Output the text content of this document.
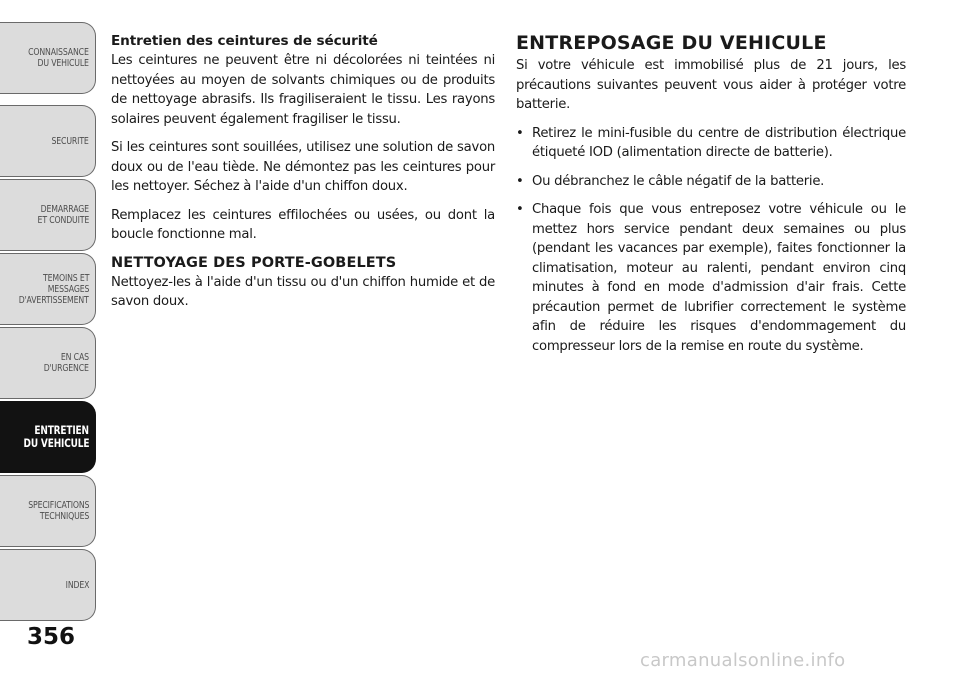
CONNAISSANCE
DU VEHICULE
SECURITE
DEMARRAGE
ET CONDUITE
TEMOINS ET
MESSAGES
D'AVERTISSEMENT
EN CAS
D'URGENCE
ENTRETIEN
DU VEHICULE
SPECIFICATIONS
TECHNIQUES
INDEX
356

Entretien des ceintures de sécurité

Les ceintures ne peuvent être ni décolorées ni teintées ni nettoyées au moyen de solvants chimiques ou de produits de nettoyage abrasifs. Ils fragiliseraient le tissu. Les rayons solaires peuvent également fragiliser le tissu.

Si les ceintures sont souillées, utilisez une solution de savon doux ou de l'eau tiède. Ne démontez pas les ceintures pour les nettoyer. Séchez à l'aide d'un chiffon doux.

Remplacez les ceintures effilochées ou usées, ou dont la boucle fonctionne mal.

NETTOYAGE DES PORTE-GOBELETS

Nettoyez-les à l'aide d'un tissu ou d'un chiffon humide et de savon doux.

ENTREPOSAGE DU VEHICULE

Si votre véhicule est immobilisé plus de 21 jours, les précautions suivantes peuvent vous aider à protéger votre batterie.

• Retirez le mini-fusible du centre de distribution électrique étiqueté IOD (alimentation directe de batterie).
• Ou débranchez le câble négatif de la batterie.
• Chaque fois que vous entreposez votre véhicule ou le mettez hors service pendant deux semaines ou plus (pendant les vacances par exemple), faites fonctionner la climatisation, moteur au ralenti, pendant environ cinq minutes à fond en mode d'admission d'air frais. Cette précaution permet de lubrifier correctement le système afin de réduire les risques d'endommagement du compresseur lors de la remise en route du système.
carmanualsonline.info
